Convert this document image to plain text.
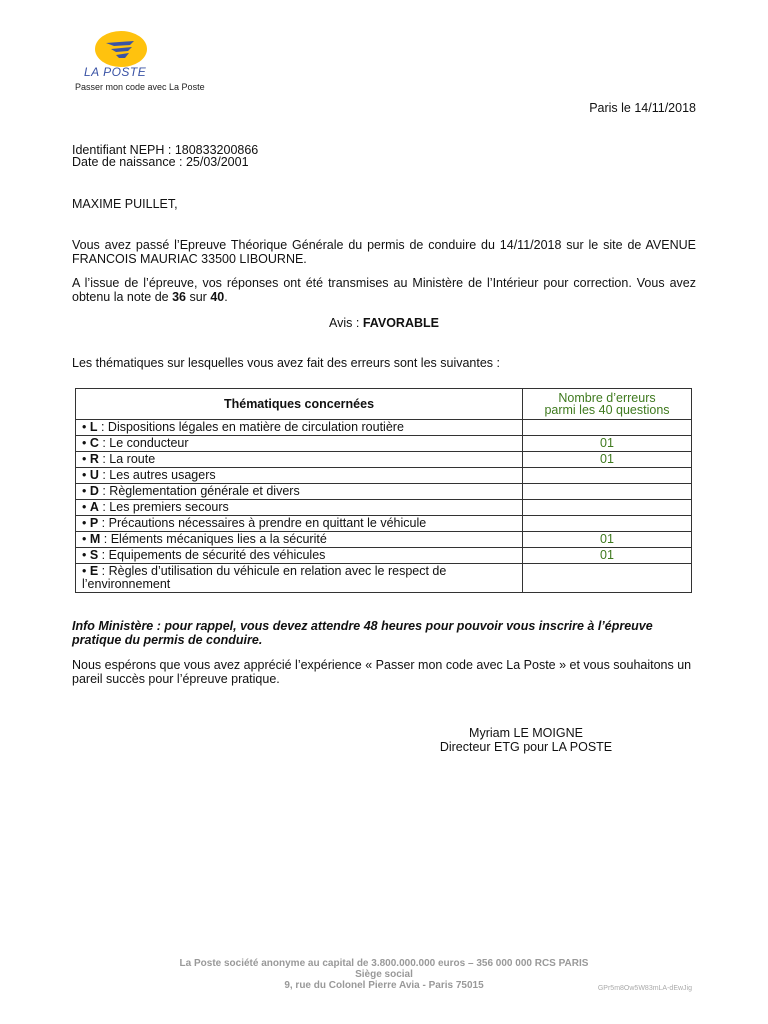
LA POSTE
Passer mon code avec La Poste
Paris le 14/11/2018
Identifiant NEPH : 180833200866
Date de naissance : 25/03/2001
MAXIME PUILLET,
Vous avez passé l’Epreuve Théorique Générale du permis de conduire du 14/11/2018 sur le site de AVENUE FRANCOIS MAURIAC 33500 LIBOURNE.
A l’issue de l’épreuve, vos réponses ont été transmises au Ministère de l’Intérieur pour correction. Vous avez obtenu la note de 36 sur 40.
Avis : FAVORABLE
Les thématiques sur lesquelles vous avez fait des erreurs sont les suivantes :
Thématiques concernées	Nombre d’erreurs
parmi les 40 questions
• L : Dispositions légales en matière de circulation routière	
• C : Le conducteur	01
• R : La route	01
• U : Les autres usagers	
• D : Règlementation générale et divers	
• A : Les premiers secours	
• P : Précautions nécessaires à prendre en quittant le véhicule	
• M : Eléments mécaniques lies a la sécurité	01
• S : Equipements de sécurité des véhicules	01
• E : Règles d’utilisation du véhicule en relation avec le respect de l’environnement	
Info Ministère : pour rappel, vous devez attendre 48 heures pour pouvoir vous inscrire à l’épreuve pratique du permis de conduire.
Nous espérons que vous avez apprécié l’expérience « Passer mon code avec La Poste » et vous souhaitons un pareil succès pour l’épreuve pratique.
Myriam LE MOIGNE
Directeur ETG pour LA POSTE
La Poste société anonyme au capital de 3.800.000.000 euros – 356 000 000 RCS PARIS
Siège social
9, rue du Colonel Pierre Avia - Paris 75015	GPr5m8Ow5W83mLA-dEwJig
